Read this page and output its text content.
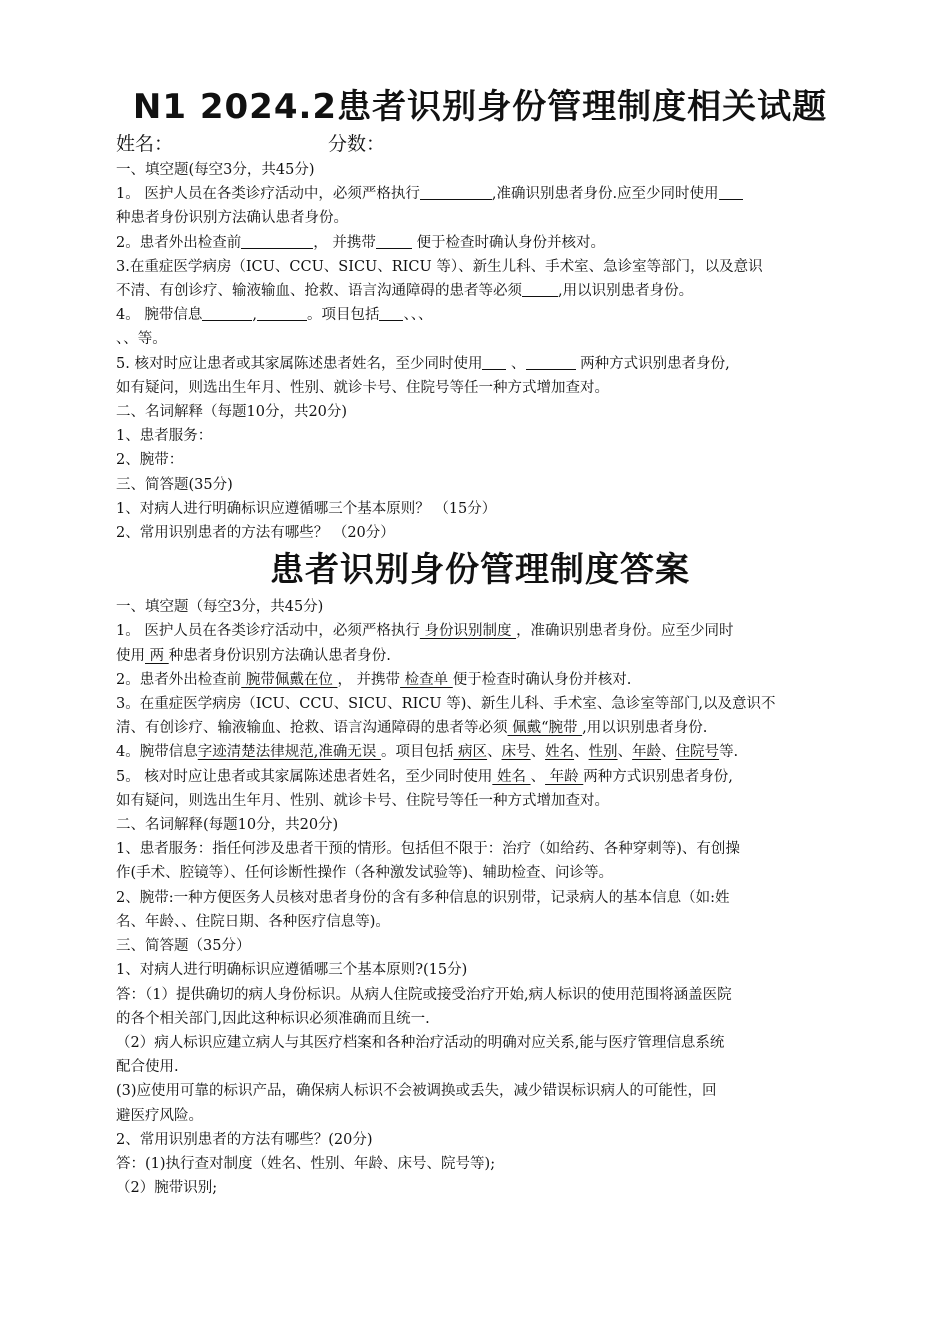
N1 2024.2患者识别身份管理制度相关试题
姓名：	分数：
一、填空题(每空3分，共45分)
1。 医护人员在各类诊疗活动中，必须严格执行	,准确识别患者身份.应至少同时使用
种患者身份识别方法确认患者身份。
2。患者外出检查前	， 并携带 便于检查时确认身份并核对。
3.在重症医学病房（ICU、CCU、SICU、RICU 等）、新生儿科、手术室、急诊室等部门，以及意识
不清、有创诊疗、输液输血、抢救、语言沟通障碍的患者等必须 ,用以识别患者身份。
4。 腕带信息	,	。项目包括 、、、
、、等。
5. 核对时应让患者或其家属陈述患者姓名，至少同时使用 、	两种方式识别患者身份,
如有疑问，则选出生年月、性别、就诊卡号、住院号等任一种方式增加查对。
二、名词解释（每题10分，共20分)
1、患者服务：
2、腕带：
三、简答题(35分)
1、对病人进行明确标识应遵循哪三个基本原则？ （15分）
2、常用识别患者的方法有哪些？ （20分）
患者识别身份管理制度答案
一、填空题（每空3分，共45分)
1。 医护人员在各类诊疗活动中，必须严格执行 身份识别制度 ，准确识别患者身份。应至少同时
使用 两 种患者身份识别方法确认患者身份.
2。患者外出检查前 腕带佩戴在位 ， 并携带 检查单 便于检查时确认身份并核对.
3。在重症医学病房（ICU、CCU、SICU、RICU 等)、新生儿科、手术室、急诊室等部门,以及意识不
清、有创诊疗、输液输血、抢救、语言沟通障碍的患者等必须 佩戴“腕带 ,用以识别患者身份.
4。腕带信息字迹清楚法律规范,准确无误 。项目包括 病区、床号、姓名、性别、年龄、住院号等.
5。 核对时应让患者或其家属陈述患者姓名，至少同时使用 姓名 、 年龄 两种方式识别患者身份,
如有疑问，则选出生年月、性别、就诊卡号、住院号等任一种方式增加查对。
二、名词解释(每题10分，共20分)
1、患者服务：指任何涉及患者干预的情形。包括但不限于：治疗（如给药、各种穿刺等)、有创操
作(手术、腔镜等）、任何诊断性操作（各种激发试验等)、辅助检查、问诊等。
2、腕带:一种方便医务人员核对患者身份的含有多种信息的识别带，记录病人的基本信息（如:姓
名、年龄、、住院日期、各种医疗信息等)。
三、简答题（35分）
1、对病人进行明确标识应遵循哪三个基本原则?(15分)
答：（1）提供确切的病人身份标识。从病人住院或接受治疗开始,病人标识的使用范围将涵盖医院
的各个相关部门,因此这种标识必须准确而且统一.
（2）病人标识应建立病人与其医疗档案和各种治疗活动的明确对应关系,能与医疗管理信息系统
配合使用.
(3)应使用可靠的标识产品，确保病人标识不会被调换或丢失，减少错误标识病人的可能性，回
避医疗风险。
2、常用识别患者的方法有哪些？(20分)
答：(1)执行查对制度（姓名、性别、年龄、床号、院号等);
（2）腕带识别;
